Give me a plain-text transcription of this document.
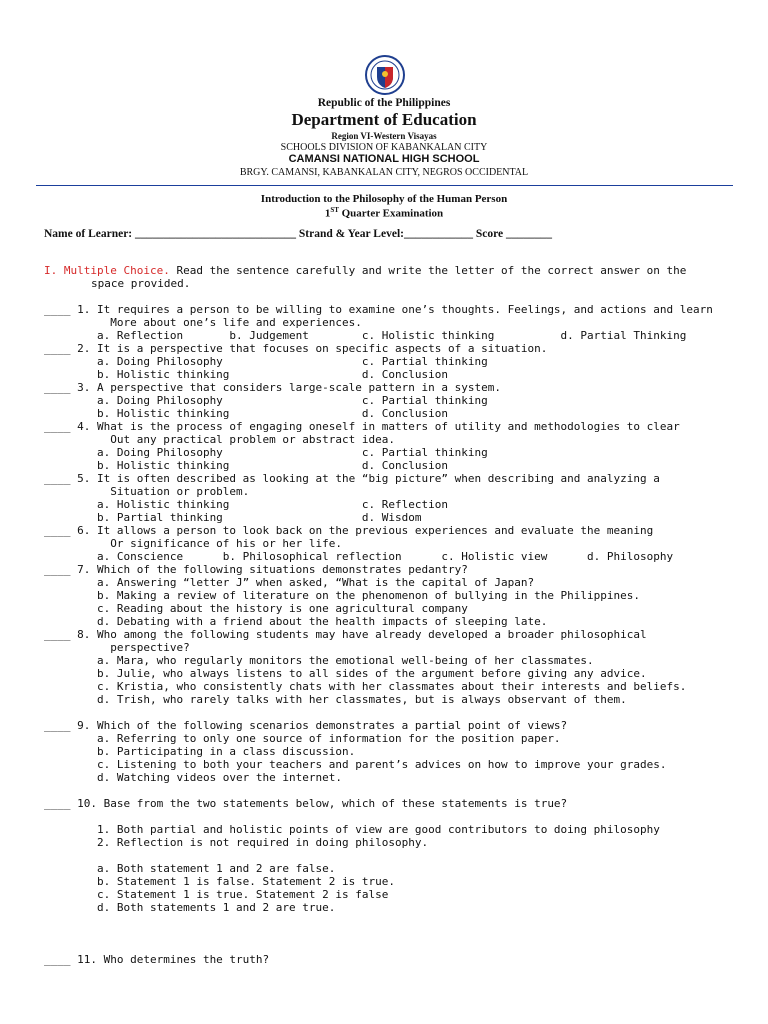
Republic of the Philippines
Department of Education
Region VI-Western Visayas
SCHOOLS DIVISION OF KABANKALAN CITY
CAMANSI NATIONAL HIGH SCHOOL
BRGY. CAMANSI, KABANKALAN CITY, NEGROS OCCIDENTAL
Introduction to the Philosophy of the Human Person
1ST Quarter Examination
Name of Learner: ____________________________ Strand & Year Level:____________ Score ________
I. Multiple Choice. Read the sentence carefully and write the letter of the correct answer on the
space provided.
____ 1. It requires a person to be willing to examine one’s thoughts. Feelings, and actions and learn
More about one’s life and experiences.
a. Reflection       b. Judgement        c. Holistic thinking          d. Partial Thinking
____ 2. It is a perspective that focuses on specific aspects of a situation.
a. Doing Philosophy                     c. Partial thinking
b. Holistic thinking                    d. Conclusion
____ 3. A perspective that considers large-scale pattern in a system.
a. Doing Philosophy                     c. Partial thinking
b. Holistic thinking                    d. Conclusion
____ 4. What is the process of engaging oneself in matters of utility and methodologies to clear
Out any practical problem or abstract idea.
a. Doing Philosophy                     c. Partial thinking
b. Holistic thinking                    d. Conclusion
____ 5. It is often described as looking at the “big picture” when describing and analyzing a
Situation or problem.
a. Holistic thinking                    c. Reflection
b. Partial thinking                     d. Wisdom
____ 6. It allows a person to look back on the previous experiences and evaluate the meaning
Or significance of his or her life.
a. Conscience      b. Philosophical reflection      c. Holistic view      d. Philosophy
____ 7. Which of the following situations demonstrates pedantry?
a. Answering “letter J” when asked, “What is the capital of Japan?
b. Making a review of literature on the phenomenon of bullying in the Philippines.
c. Reading about the history is one agricultural company
d. Debating with a friend about the health impacts of sleeping late.
____ 8. Who among the following students may have already developed a broader philosophical
perspective?
a. Mara, who regularly monitors the emotional well-being of her classmates.
b. Julie, who always listens to all sides of the argument before giving any advice.
c. Kristia, who consistently chats with her classmates about their interests and beliefs.
d. Trish, who rarely talks with her classmates, but is always observant of them.
____ 9. Which of the following scenarios demonstrates a partial point of views?
a. Referring to only one source of information for the position paper.
b. Participating in a class discussion.
c. Listening to both your teachers and parent’s advices on how to improve your grades.
d. Watching videos over the internet.
____ 10. Base from the two statements below, which of these statements is true?
1. Both partial and holistic points of view are good contributors to doing philosophy
2. Reflection is not required in doing philosophy.
a. Both statement 1 and 2 are false.
b. Statement 1 is false. Statement 2 is true.
c. Statement 1 is true. Statement 2 is false
d. Both statements 1 and 2 are true.
____ 11. Who determines the truth?
